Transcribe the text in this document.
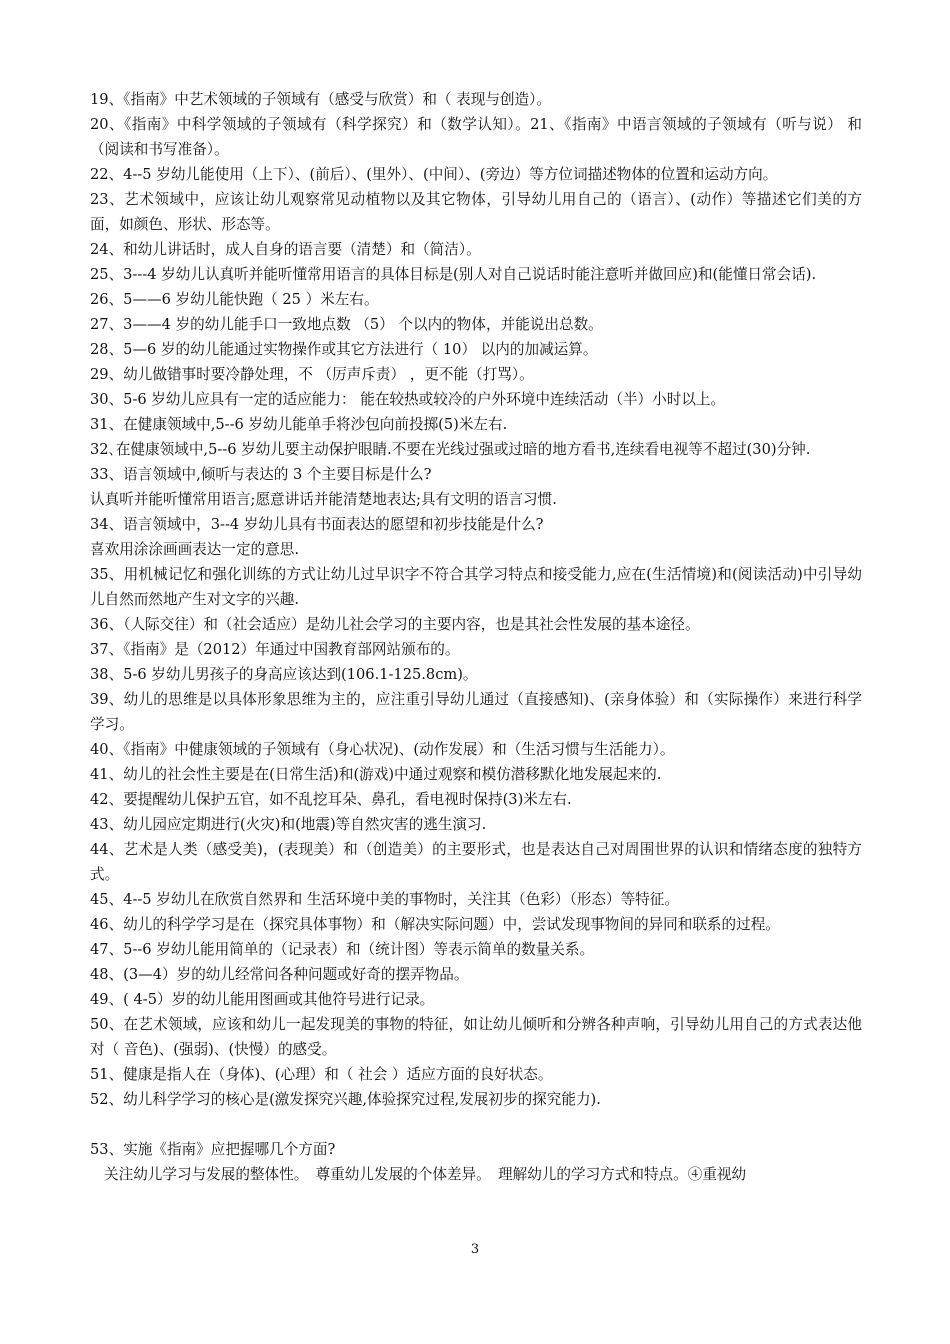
19、《指南》中艺术领域的子领域有（感受与欣赏）和（ 表现与创造）。

20、《指南》中科学领域的子领域有（科学探究）和（数学认知）。21、《指南》中语言领域的子领域有（听与说） 和 （阅读和书写准备）。

22、4--5 岁幼儿能使用（上下）、(前后）、(里外）、(中间）、(旁边）等方位词描述物体的位置和运动方向。

23、艺术领域中，应该让幼儿观察常见动植物以及其它物体，引导幼儿用自己的（语言）、(动作）等描述它们美的方面，如颜色、形状、形态等。

24、和幼儿讲话时，成人自身的语言要（清楚）和（简洁）。

25、3---4 岁幼儿认真听并能听懂常用语言的具体目标是(别人对自己说话时能注意听并做回应)和(能懂日常会话).

26、5——6 岁幼儿能快跑（ 25 ）米左右。

27、3——4 岁的幼儿能手口一致地点数 （5） 个以内的物体，并能说出总数。

28、5—6 岁的幼儿能通过实物操作或其它方法进行（ 10） 以内的加减运算。

29、幼儿做错事时要冷静处理，不 （厉声斥责） ，更不能（打骂）。

30、5-6 岁幼儿应具有一定的适应能力： 能在较热或较冷的户外环境中连续活动（半）小时以上。

31、在健康领域中,5--6 岁幼儿能单手将沙包向前投掷(5)米左右.

32､在健康领域中,5--6 岁幼儿要主动保护眼睛.不要在光线过强或过暗的地方看书,连续看电视等不超过(30)分钟.

33、语言领域中,倾听与表达的 3 个主要目标是什么?

认真听并能听懂常用语言;愿意讲话并能清楚地表达;具有文明的语言习惯.

34、语言领域中，3--4 岁幼儿具有书面表达的愿望和初步技能是什么?

喜欢用涂涂画画表达一定的意思.

35、用机械记忆和强化训练的方式让幼儿过早识字不符合其学习特点和接受能力,应在(生活情境)和(阅读活动)中引导幼儿自然而然地产生对文字的兴趣.

36、（人际交往）和（社会适应）是幼儿社会学习的主要内容，也是其社会性发展的基本途径。

37、《指南》是（2012）年通过中国教育部网站颁布的。

38、5-6 岁幼儿男孩子的身高应该达到(106.1-125.8cm)。

39、幼儿的思维是以具体形象思维为主的，应注重引导幼儿通过（直接感知)、(亲身体验）和（实际操作）来进行科学学习。

40、《指南》中健康领域的子领域有（身心状况)、(动作发展）和（生活习惯与生活能力）。

41、幼儿的社会性主要是在(日常生活)和(游戏)中通过观察和模仿潜移默化地发展起来的.

42、要提醒幼儿保护五官，如不乱挖耳朵、鼻孔，看电视时保持(3)米左右.

43、幼儿园应定期进行(火灾)和(地震)等自然灾害的逃生演习.

44、艺术是人类（感受美)，(表现美）和（创造美）的主要形式，也是表达自己对周围世界的认识和情绪态度的独特方式。

45、4--5 岁幼儿在欣赏自然界和 生活环境中美的事物时，关注其（色彩）（形态）等特征。

46、幼儿的科学学习是在（探究具体事物）和（解决实际问题）中，尝试发现事物间的异同和联系的过程。

47、5--6 岁幼儿能用简单的（记录表）和（统计图）等表示简单的数量关系。

48、(3—4）岁的幼儿经常问各种问题或好奇的摆弄物品。

49、( 4-5）岁的幼儿能用图画或其他符号进行记录。

50、在艺术领域，应该和幼儿一起发现美的事物的特征，如让幼儿倾听和分辨各种声响，引导幼儿用自己的方式表达他对（ 音色)、(强弱)、(快慢）的感受。

51、健康是指人在（身体)、(心理）和（ 社会 ）适应方面的良好状态。

52、幼儿科学学习的核心是(激发探究兴趣,体验探究过程,发展初步的探究能力).

53、实施《指南》应把握哪几个方面?

关注幼儿学习与发展的整体性。　尊重幼儿发展的个体差异。　理解幼儿的学习方式和特点。④重视幼

3
